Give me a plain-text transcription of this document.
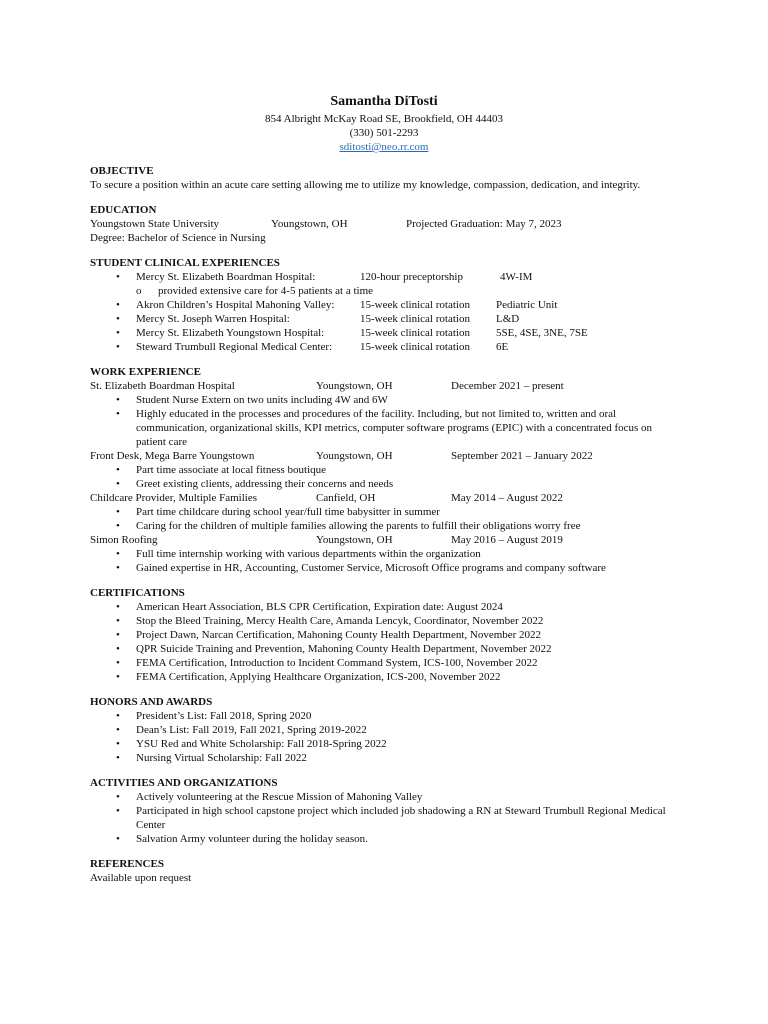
Samantha DiTosti
854 Albright McKay Road SE, Brookfield, OH 44403
(330) 501-2293
sditosti@neo.rr.com
OBJECTIVE
To secure a position within an acute care setting allowing me to utilize my knowledge, compassion, dedication, and integrity.
EDUCATION
Youngstown State University	Youngstown, OH	Projected Graduation: May 7, 2023
Degree: Bachelor of Science in Nursing
STUDENT CLINICAL EXPERIENCES
• Mercy St. Elizabeth Boardman Hospital:	120-hour preceptorship	4W-IM
o provided extensive care for 4-5 patients at a time
• Akron Children’s Hospital Mahoning Valley: 15-week clinical rotation Pediatric Unit
• Mercy St. Joseph Warren Hospital:	15-week clinical rotation L&D
• Mercy St. Elizabeth Youngstown Hospital:	15-week clinical rotation 5SE, 4SE, 3NE, 7SE
• Steward Trumbull Regional Medical Center:	15-week clinical rotation 6E
WORK EXPERIENCE
St. Elizabeth Boardman Hospital	Youngstown, OH	December 2021 – present
• Student Nurse Extern on two units including 4W and 6W
• Highly educated in the processes and procedures of the facility. Including, but not limited to, written and oral communication, organizational skills, KPI metrics, computer software programs (EPIC) with a concentrated focus on patient care
Front Desk, Mega Barre Youngstown	Youngstown, OH	September 2021 – January 2022
• Part time associate at local fitness boutique
• Greet existing clients, addressing their concerns and needs
Childcare Provider, Multiple Families	Canfield, OH	May 2014 – August 2022
• Part time childcare during school year/full time babysitter in summer
• Caring for the children of multiple families allowing the parents to fulfill their obligations worry free
Simon Roofing	Youngstown, OH	May 2016 – August 2019
• Full time internship working with various departments within the organization
• Gained expertise in HR, Accounting, Customer Service, Microsoft Office programs and company software
CERTIFICATIONS
• American Heart Association, BLS CPR Certification, Expiration date: August 2024
• Stop the Bleed Training, Mercy Health Care, Amanda Lencyk, Coordinator, November 2022
• Project Dawn, Narcan Certification, Mahoning County Health Department, November 2022
• QPR Suicide Training and Prevention, Mahoning County Health Department, November 2022
• FEMA Certification, Introduction to Incident Command System, ICS-100, November 2022
• FEMA Certification, Applying Healthcare Organization, ICS-200, November 2022
HONORS AND AWARDS
• President’s List: Fall 2018, Spring 2020
• Dean’s List: Fall 2019, Fall 2021, Spring 2019-2022
• YSU Red and White Scholarship: Fall 2018-Spring 2022
• Nursing Virtual Scholarship: Fall 2022
ACTIVITIES AND ORGANIZATIONS
• Actively volunteering at the Rescue Mission of Mahoning Valley
• Participated in high school capstone project which included job shadowing a RN at Steward Trumbull Regional Medical Center
• Salvation Army volunteer during the holiday season.
REFERENCES
Available upon request
